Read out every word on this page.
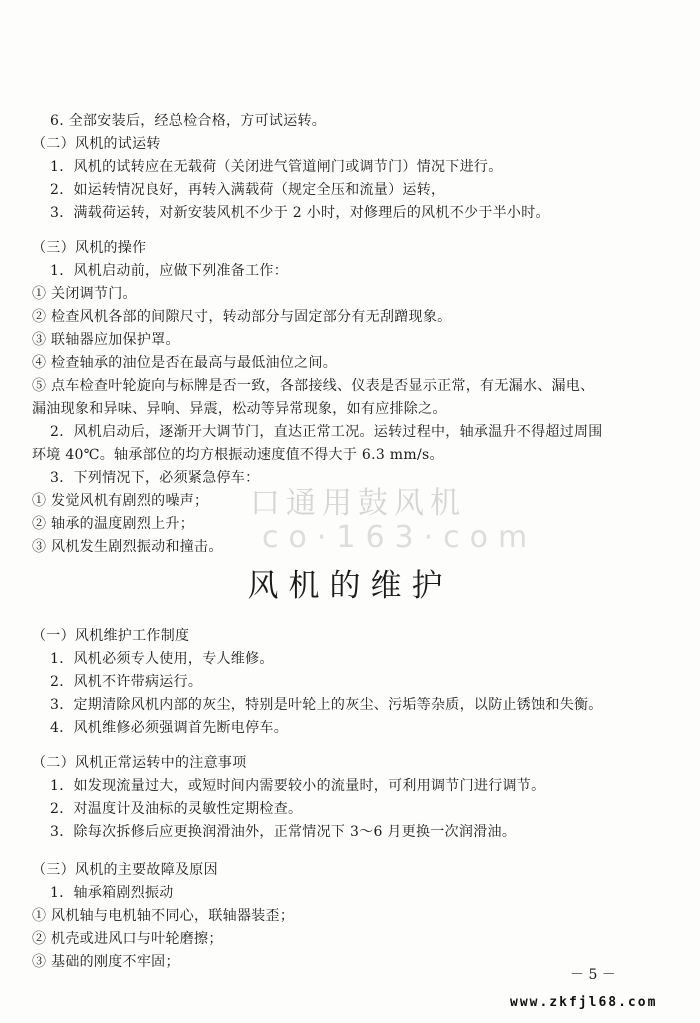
6. 全部安装后，经总检合格，方可试运转。
（二）风机的试运转
1．风机的试转应在无载荷（关闭进气管道闸门或调节门）情况下进行。
2．如运转情况良好，再转入满载荷（规定全压和流量）运转，
3．满载荷运转，对新安装风机不少于 2 小时，对修理后的风机不少于半小时。
（三）风机的操作
1．风机启动前，应做下列准备工作：
① 关闭调节门。
② 检查风机各部的间隙尺寸，转动部分与固定部分有无刮蹭现象。
③ 联轴器应加保护罩。
④ 检查轴承的油位是否在最高与最低油位之间。
⑤ 点车检查叶轮旋向与标牌是否一致，各部接线、仪表是否显示正常，有无漏水、漏电、
漏油现象和异味、异响、异震，松动等异常现象，如有应排除之。
2．风机启动后，逐渐开大调节门，直达正常工况。运转过程中，轴承温升不得超过周围
环境 40℃。轴承部位的均方根振动速度值不得大于 6.3 mm/s。
3．下列情况下，必须紧急停车：
① 发觉风机有剧烈的噪声；
② 轴承的温度剧烈上升；
③ 风机发生剧烈振动和撞击。
口通用鼓风机
co·163·com
风机的维护
（一）风机维护工作制度
1．风机必须专人使用，专人维修。
2．风机不许带病运行。
3．定期清除风机内部的灰尘，特别是叶轮上的灰尘、污垢等杂质，以防止锈蚀和失衡。
4．风机维修必须强调首先断电停车。
（二）风机正常运转中的注意事项
1．如发现流量过大，或短时间内需要较小的流量时，可利用调节门进行调节。
2．对温度计及油标的灵敏性定期检查。
3．除每次拆修后应更换润滑油外，正常情况下 3～6 月更换一次润滑油。
（三）风机的主要故障及原因
1．轴承箱剧烈振动
① 风机轴与电机轴不同心，联轴器装歪；
② 机壳或进风口与叶轮磨擦；
③ 基础的刚度不牢固；
－ 5 －
www.zkfjl68.com
